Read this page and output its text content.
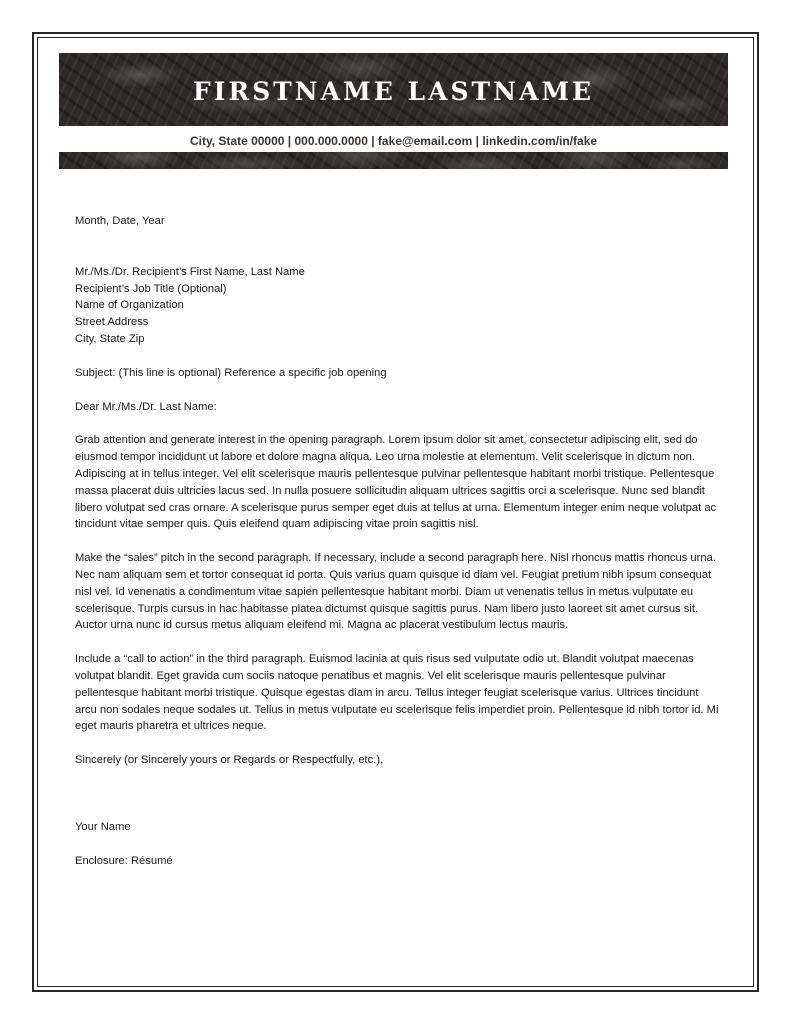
FIRSTNAME LASTNAME
City, State 00000 | 000.000.0000 | fake@email.com | linkedin.com/in/fake

Month, Date, Year

Mr./Ms./Dr. Recipient’s First Name, Last Name
Recipient’s Job Title (Optional)
Name of Organization
Street Address
City, State Zip

Subject: (This line is optional) Reference a specific job opening

Dear Mr./Ms./Dr. Last Name:

Grab attention and generate interest in the opening paragraph. Lorem ipsum dolor sit amet, consectetur adipiscing elit, sed do eiusmod tempor incididunt ut labore et dolore magna aliqua. Leo urna molestie at elementum. Velit scelerisque in dictum non. Adipiscing at in tellus integer. Vel elit scelerisque mauris pellentesque pulvinar pellentesque habitant morbi tristique. Pellentesque massa placerat duis ultricies lacus sed. In nulla posuere sollicitudin aliquam ultrices sagittis orci a scelerisque. Nunc sed blandit libero volutpat sed cras ornare. A scelerisque purus semper eget duis at tellus at urna. Elementum integer enim neque volutpat ac tincidunt vitae semper quis. Quis eleifend quam adipiscing vitae proin sagittis nisl.

Make the “sales” pitch in the second paragraph. If necessary, include a second paragraph here. Nisl rhoncus mattis rhoncus urna. Nec nam aliquam sem et tortor consequat id porta. Quis varius quam quisque id diam vel. Feugiat pretium nibh ipsum consequat nisl vel. Id venenatis a condimentum vitae sapien pellentesque habitant morbi. Diam ut venenatis tellus in metus vulputate eu scelerisque. Turpis cursus in hac habitasse platea dictumst quisque sagittis purus. Nam libero justo laoreet sit amet cursus sit. Auctor urna nunc id cursus metus aliquam eleifend mi. Magna ac placerat vestibulum lectus mauris.

Include a “call to action” in the third paragraph. Euismod lacinia at quis risus sed vulputate odio ut. Blandit volutpat maecenas volutpat blandit. Eget gravida cum sociis natoque penatibus et magnis. Vel elit scelerisque mauris pellentesque pulvinar pellentesque habitant morbi tristique. Quisque egestas diam in arcu. Tellus integer feugiat scelerisque varius. Ultrices tincidunt arcu non sodales neque sodales ut. Tellus in metus vulputate eu scelerisque felis imperdiet proin. Pellentesque id nibh tortor id. Mi eget mauris pharetra et ultrices neque.

Sincerely (or Sincerely yours or Regards or Respectfully, etc.),

Your Name

Enclosure: Résumé
